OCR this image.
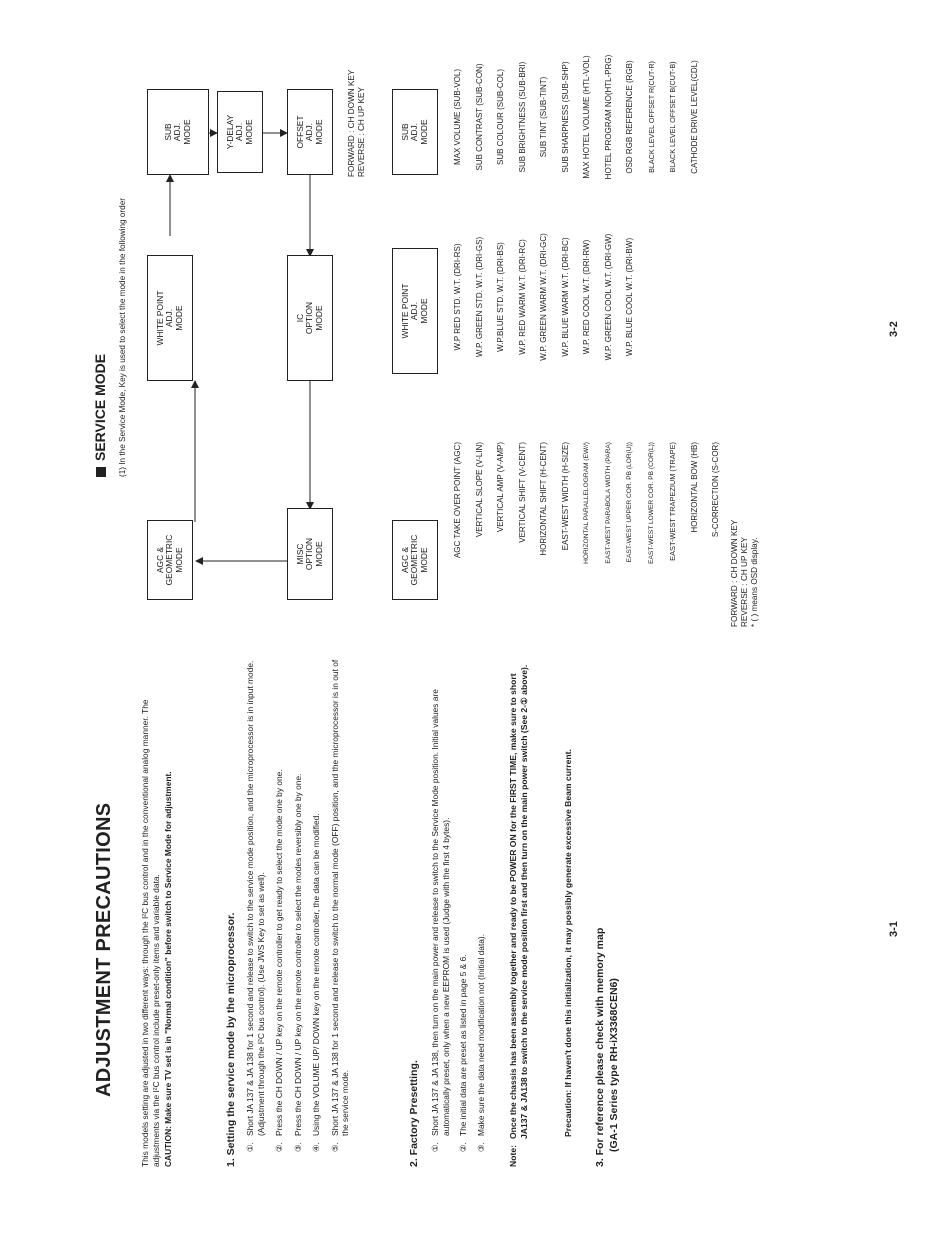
ADJUSTMENT PRECAUTIONS	This models setting are adjusted in two different ways: through the I²C bus control and in the conventional analog manner. The adjustments via the I²C bus control include preset-only items and variable data. CAUTION: Make sure TV set is in "Normal condition" before switch to Service Mode for adjustment.	1. Setting the service mode by the microprocessor. ①.
Short JA 137 & JA 138 for 1 second and release to switch to the service mode position, and the microprocessor is in input mode. (Adjustment through the I²C bus control). (Use JWS Key to set as well).
②.
Press the CH DOWN / UP key on the remote controller to get ready to select the mode one by one.
③.
Press the CH DOWN / UP key on the remote controller to select the modes reversibly one by one.
④.
Using the VOLUME UP/ DOWN key on the remote controller, the data can be modified.
⑤.
Short JA 137 & JA 138 for 1 second and release to switch to the normal mode (OFF) position, and the microprocessor is in out of the service mode.	2. Factory Presetting. ①.
Short JA 137 & JA 138, then turn on the main power and release to switch to the Service Mode position. Initial values are automatically preset, only when a new EEPROM is used (Judge with the first 4 bytes).
②.
The initial data are preset as listed in page 5 & 6.
③.
Make sure the data need modification not (Initial data).
Note:
Once the chassis has been assembly together and ready to be POWER ON for the FIRST TIME, make sure to short JA137 & JA138 to switch to the service mode position first and then turn on the main power switch (See 2-① above).	Precaution: If haven't done this initialization, it may possibly generate excessive Beam current. 3. For reference please check with memory map (GA-1 Series type RH-iX3368CEN6)
3-1
SERVICE MODE (1) In the Service Mode, Key is used to select the mode in the following order
AGC &
GEOMETRIC
MODE
WHITE POINT
ADJ.
MODE
SUB
ADJ.
MODE	Y-DELAY
ADJ.
MODE
MISC
OPTION
MODE
IC
OPTION
MODE
OFFSET
ADJ.
MODE	FORWARD : CH DOWN KEY REVERSE : CH UP KEY
AGC &
GEOMETRIC
MODE
WHITE POINT
ADJ.
MODE
SUB
ADJ.
MODE
AGC TAKE OVER POINT (AGC)	VERTICAL SLOPE (V-LIN)	VERTICAL AMP (V-AMP)	VERTICAL SHIFT (V-CENT)	HORIZONTAL SHIFT (H-CENT)	EAST-WEST WIDTH (H-SIZE)	HORIZONTAL PARALLELOGRAM (EW//)	EAST-WEST PARABOLA WIDTH (PARA)	EAST-WEST UPPER COR. PB (LOR(U))	EAST-WEST LOWER COR. PB (COR(L))	EAST-WEST TRAPEZIUM (TRAPE)	HORIZONTAL BOW (HB)	S-CORRECTION (S-COR)
W.P RED STD. W.T. (DRI-RS)	W.P. GREEN STD. W.T. (DRI-GS)	W.P.BLUE STD. W.T. (DRI-BS)	W.P. RED WARM W.T. (DRI-RC)	W.P. GREEN WARM W.T. (DRI-GC)	W.P. BLUE WARM W.T. (DRI-BC)	W.P. RED COOL W.T. (DRI-RW)	W.P. GREEN COOL W.T. (DRI-GW)	W.P. BLUE COOL W.T. (DRI-BW)
MAX VOLUME (SUB-VOL)	SUB CONTRAST (SUB-CON)	SUB COLOUR (SUB-COL)	SUB BRIGHTNESS (SUB-BRI)	SUB TINT (SUB-TINT)	SUB SHARPNESS (SUB-SHP)	MAX HOTEL VOLUME (HTL-VOL)	HOTEL PROGRAM NO(HTL-PRG)	OSD RGB REFERENCE (RGB)	BLACK LEVEL OFFSET R(CUT-R)	BLACK LEVEL OFFSET B(CUT-B)	CATHODE DRIVE LEVEL(CDL)
FORWARD : CH DOWN KEY REVERSE : CH UP KEY * ( ) means OSD display.
3-2
